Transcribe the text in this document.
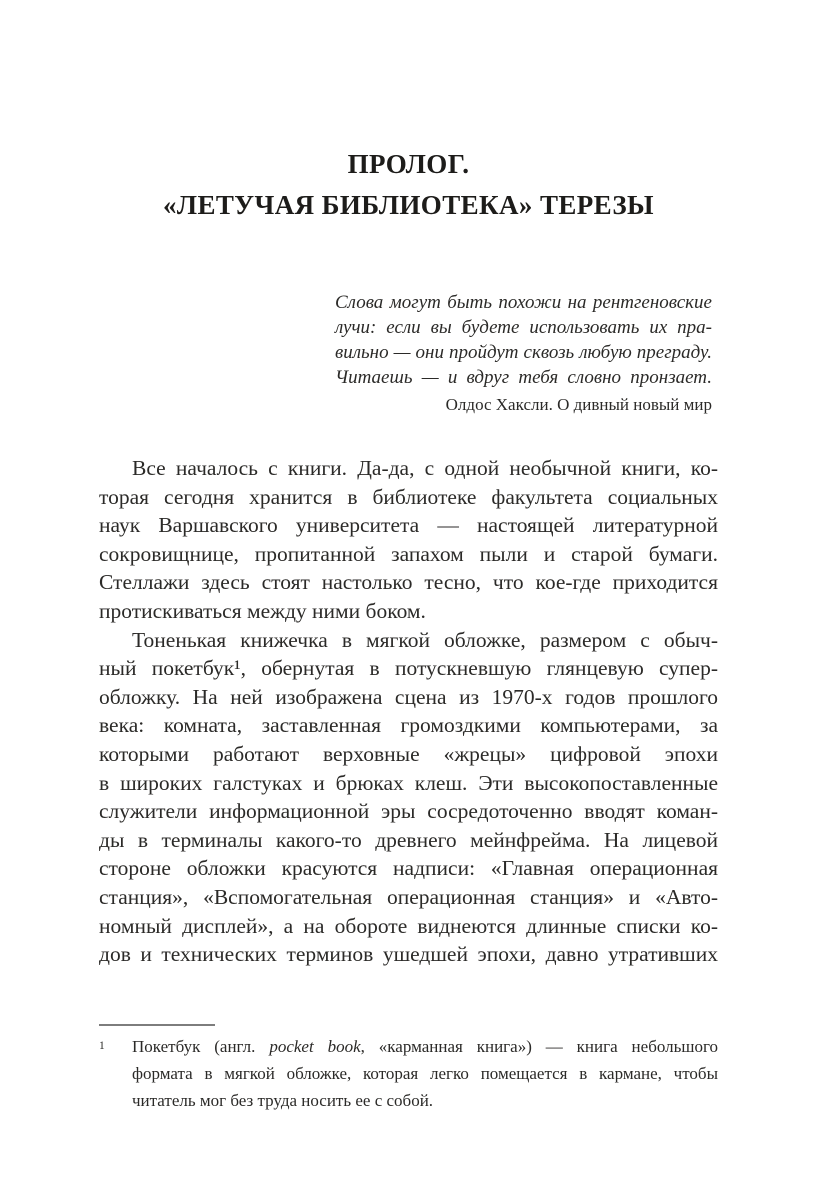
ПРОЛОГ.
«ЛЕТУЧАЯ БИБЛИОТЕКА» ТЕРЕЗЫ
Слова могут быть похожи на рентгеновские
лучи: если вы будете использовать их пра-
вильно — они пройдут сквозь любую преграду.
Читаешь — и вдруг тебя словно пронзает.
Олдос Хаксли. О дивный новый мир
Все началось с книги. Да-да, с одной необычной книги, ко-
торая сегодня хранится в библиотеке факультета социальных
наук Варшавского университета — настоящей литературной
сокровищнице, пропитанной запахом пыли и старой бумаги.
Стеллажи здесь стоят настолько тесно, что кое-где приходится
протискиваться между ними боком.
Тоненькая книжечка в мягкой обложке, размером с обыч-
ный покетбук¹, обернутая в потускневшую глянцевую супер-
обложку. На ней изображена сцена из 1970-х годов прошлого
века: комната, заставленная громоздкими компьютерами, за
которыми работают верховные «жрецы» цифровой эпохи
в широких галстуках и брюках клеш. Эти высокопоставленные
служители информационной эры сосредоточенно вводят коман-
ды в терминалы какого-то древнего мейнфрейма. На лицевой
стороне обложки красуются надписи: «Главная операционная
станция», «Вспомогательная операционная станция» и «Авто-
номный дисплей», а на обороте виднеются длинные списки ко-
дов и технических терминов ушедшей эпохи, давно утративших
1	Покетбук (англ. pocket book, «карманная книга») — книга небольшого
формата в мягкой обложке, которая легко помещается в кармане, чтобы
читатель мог без труда носить ее с собой.
